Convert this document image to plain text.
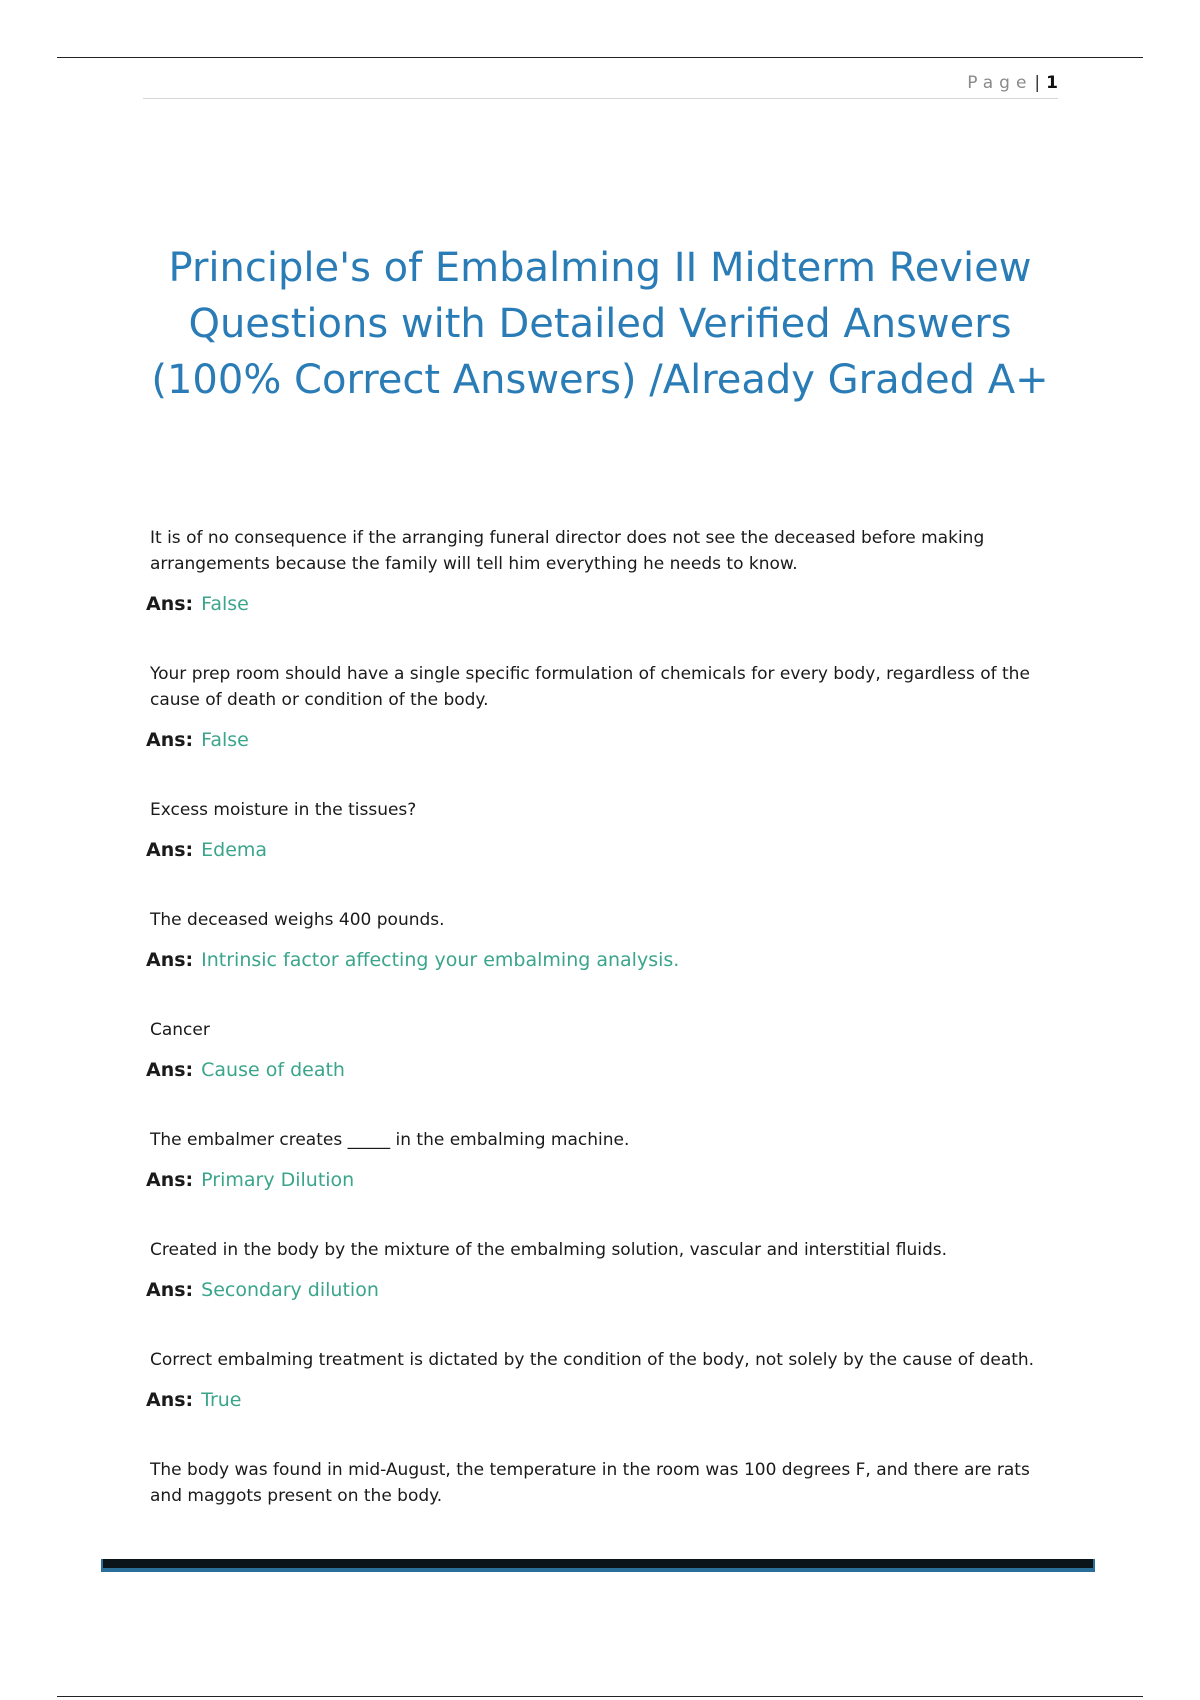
Page | 1
Principle's of Embalming II Midterm Review Questions with Detailed Verified Answers (100% Correct Answers) /Already Graded A+

It is of no consequence if the arranging funeral director does not see the deceased before making arrangements because the family will tell him everything he needs to know.

Ans: False

Your prep room should have a single specific formulation of chemicals for every body, regardless of the cause of death or condition of the body.

Ans: False

Excess moisture in the tissues?

Ans: Edema

The deceased weighs 400 pounds.

Ans: Intrinsic factor affecting your embalming analysis.

Cancer

Ans: Cause of death

The embalmer creates _____ in the embalming machine.

Ans: Primary Dilution

Created in the body by the mixture of the embalming solution, vascular and interstitial fluids.

Ans: Secondary dilution

Correct embalming treatment is dictated by the condition of the body, not solely by the cause of death.

Ans: True

The body was found in mid-August, the temperature in the room was 100 degrees F, and there are rats and maggots present on the body.
